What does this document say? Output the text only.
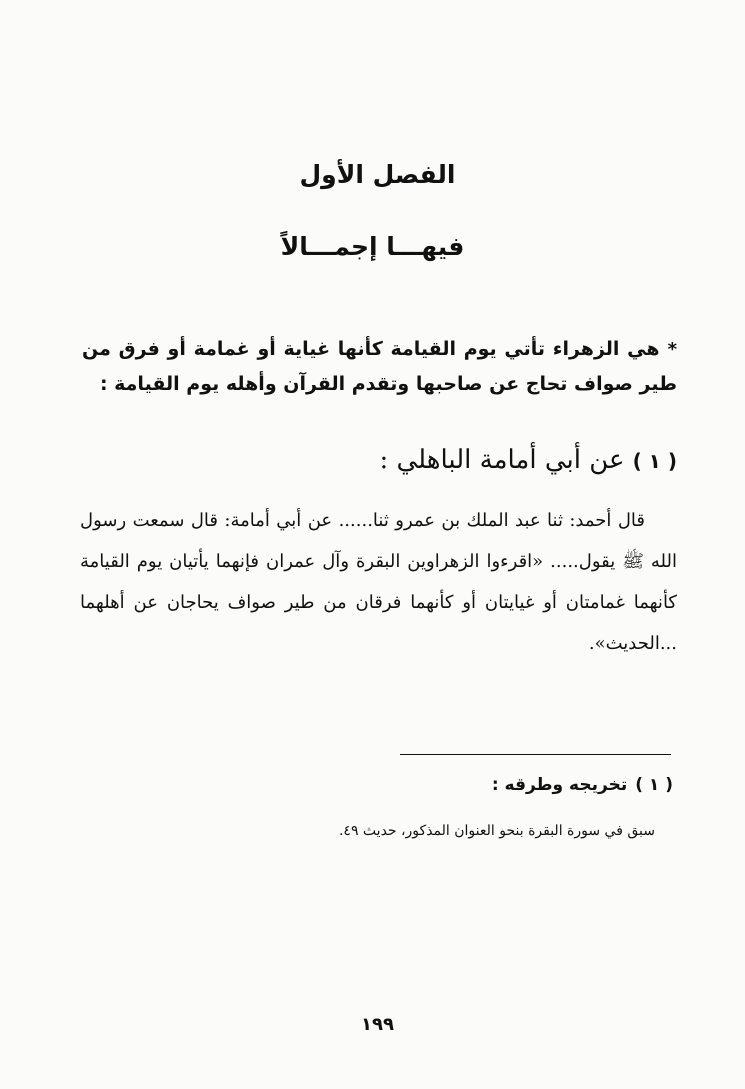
الفصل الأول
فيهـــا إجمـــالاً
*هي الزهراء تأتي يوم القيامة كأنها غياية أو غمامة أو فرق من طير صواف تحاج عن صاحبها وتقدم القرآن وأهله يوم القيامة :
( ١ )عن أبي أمامة الباهلي :
قال أحمد: ثنا عبد الملك بن عمرو ثنا...... عن أبي أمامة: قال سمعت رسول الله ﷺ يقول..... «اقرءوا الزهراوين البقرة وآل عمران فإنهما يأتيان يوم القيامة كأنهما غمامتان أو غيايتان أو كأنهما فرقان من طير صواف يحاجان عن أهلهما ...الحديث».
( ١ )تخريجه وطرقه :
سبق في سورة البقرة بنحو العنوان المذكور، حديث ٤٩.
١٩٩
